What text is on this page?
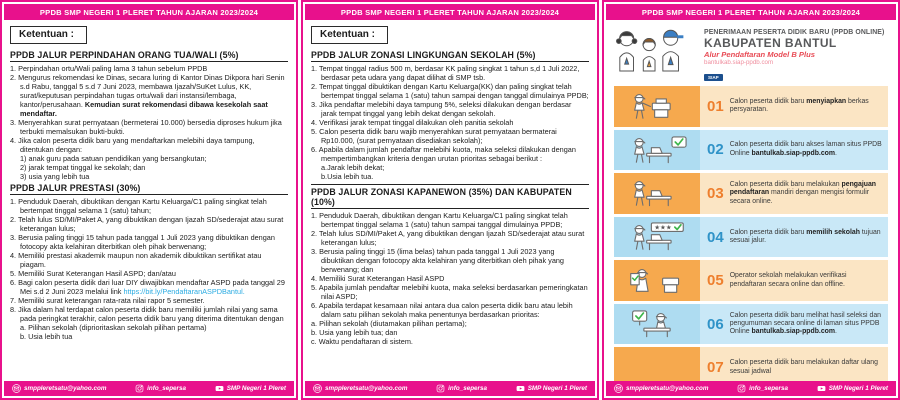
PPDB SMP NEGERI 1 PLERET TAHUN AJARAN 2023/2024
Ketentuan :
PPDB JALUR PERPINDAHAN ORANG TUA/WALI (5%)
1. Perpindahan ortu/Wali paling lama 3 tahun sebelum PPDB
2. Mengurus rekomendasi ke Dinas, secara luring di Kantor Dinas Dikpora hari Senin s.d Rabu, tanggal 5 s.d 7 Juni 2023, membawa Ijazah/SuKet Lulus, KK, surat/keputusan perpindahan tugas ortu/wali dari instansi/lembaga, kantor/perusahaan. Kemudian surat rekomendasi dibawa kesekolah saat mendaftar.
3. Menyerahkan surat pernyataan (bermeterai 10.000) bersedia diproses hukum jika terbukti memalsukan bukti-bukti.
4. Jika calon peserta didik baru yang mendaftarkan melebihi daya tampung, ditentukan dengan:
1) anak guru pada satuan pendidikan yang bersangkutan;
2) jarak tempat tinggal ke sekolah; dan
3) usia yang lebih tua
PPDB JALUR PRESTASI (30%)
1. Penduduk Daerah, dibuktikan dengan Kartu Keluarga/C1 paling singkat telah bertempat tinggal selama 1 (satu) tahun;
2. Telah lulus SD/MI/Paket A, yang dibuktikan dengan Ijazah SD/sederajat atau surat keterangan lulus;
3. Berusia paling tinggi 15 tahun pada tanggal 1 Juli 2023 yang dibuktikan dengan fotocopy akta kelahiran diterbitkan oleh pihak berwenang;
4. Memiliki prestasi akademik maupun non akademik dibuktikan sertifikat atau piagam.
5. Memiliki Surat Keterangan Hasil ASPD; dan/atau
6. Bagi calon peserta didik dari luar DIY diwajibkan mendaftar ASPD pada tanggal 29 Mei s.d 2 Juni 2023 melalui link https://bit.ly/PendaftaranASPDBantul.
7. Memiliki surat keterangan rata-rata nilai rapor 5 semester.
8. Jika dalam hal terdapat calon peserta didik baru memiliki jumlah nilai yang sama pada peringkat terakhir, calon peserta didik baru yang diterima ditentukan dengan
a. Pilihan sekolah (diprioritaskan sekolah pilihan pertama)
b. Usia lebih tua
smppleretsatu@yahoo.com	info_sepersa	SMP Negeri 1 Pleret
PPDB SMP NEGERI 1 PLERET TAHUN AJARAN 2023/2024
Ketentuan :
PPDB JALUR ZONASI LINGKUNGAN SEKOLAH (5%)
1. Tempat tinggal radius 500 m, berdasar KK paling singkat 1 tahun s,d 1 Juli 2022, berdasar peta udara yang dapat dilihat di SMP tsb.
2. Tempat tinggal dibuktikan dengan Kartu Keluarga(KK) dan paling singkat telah bertempat tinggal selama 1 (satu) tahun sampai dengan tanggal dimulainya PPDB;
3. Jika pendaftar melebihi daya tampung 5%, seleksi dilakukan dengan berdasar jarak tempat tinggal yang lebih dekat dengan sekolah.
4. Verifikasi jarak tempat tinggal dilakukan oleh panitia sekolah
5. Calon peserta didik baru wajib menyerahkan surat pernyataan bermaterai Rp10.000, (surat pernyataan disediakan sekolah);
6. Apabila dalam jumlah pendaftar melebihi kuota, maka seleksi dilakukan dengan mempertimbangkan kriteria dengan urutan prioritas sebagai berikut :
a.Jarak lebih dekat;
b.Usia lebih tua.
PPDB JALUR ZONASI KAPANEWON (35%) DAN KABUPATEN (10%)
1. Penduduk Daerah, dibuktikan dengan Kartu Keluarga/C1 paling singkat telah bertempat tinggal selama 1 (satu) tahun sampai tanggal dimulainya PPDB;
2. Telah lulus SD/MI/Paket A, yang dibuktikan dengan Ijazah SD/sederajat atau surat keterangan lulus;
3. Berusia paling tinggi 15 (lima belas) tahun pada tanggal 1 Juli 2023 yang dibuktikan dengan fotocopy akta kelahiran yang diterbitkan oleh pihak yang berwenang; dan
4. Memiliki Surat Keterangan Hasil ASPD
5. Apabila jumlah pendaftar melebihi kuota, maka seleksi berdasarkan pemeringkatan nilai ASPD;
6. Apabila terdapat kesamaan nilai antara dua calon peserta didik baru atau lebih dalam satu pilihan sekolah maka penentunya berdasarkan prioritas:
a. Pilihan sekolah (diutamakan pilihan pertama);
b. Usia yang lebih tua; dan
c. Waktu pendaftaran di sistem.
smppleretsatu@yahoo.com	info_sepersa	SMP Negeri 1 Pleret
PPDB SMP NEGERI 1 PLERET TAHUN AJARAN 2023/2024
PENERIMAAN PESERTA DIDIK BARU (PPDB ONLINE)
KABUPATEN BANTUL
Alur Pendaftaran Model B Plus
bantulkab.siap-ppdb.com
SIAP
01 Calon peserta didik baru menyiapkan berkas persyaratan.
02 Calon peserta didik baru akses laman situs PPDB Online bantulkab.siap-ppdb.com.
03
Calon peserta didik baru melakukan pengajuan pendaftaran mandiri dengan mengisi formulir secara online.
★★★
04 Calon peserta didik baru memilih sekolah tujuan sesuai jalur.
05 Operator sekolah melakukan verifikasi pendaftaran secara online dan offline.
06
Calon peserta didik baru melihat hasil seleksi dan pengumuman secara online di laman situs PPDB Online bantulkab.siap-ppdb.com.
07 Calon peserta didik baru melakukan daftar ulang sesuai jadwal
smppleretsatu@yahoo.com	info_sepersa	SMP Negeri 1 Pleret
